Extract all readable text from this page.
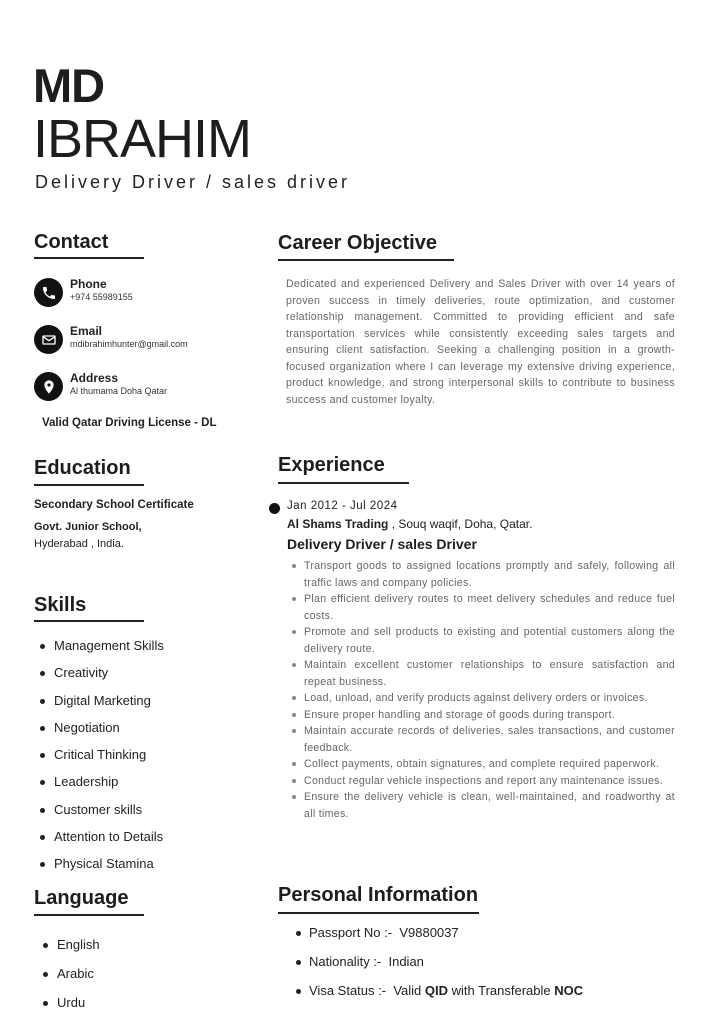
MD
IBRAHIM
Delivery Driver / sales driver
Contact
Phone
+974 55989155
Email
mdibrahimhunter@gmail.com
Address
Al thumama Doha Qatar
Valid Qatar Driving License - DL
Education
Secondary School Certificate
Govt. Junior School,
Hyderabad , India.
Skills
Management Skills
Creativity
Digital Marketing
Negotiation
Critical Thinking
Leadership
Customer skills
Attention to Details
Physical Stamina
Language
English
Arabic
Urdu
Career Objective
Dedicated and experienced Delivery and Sales Driver with over 14 years of proven success in timely deliveries, route optimization, and customer relationship management. Committed to providing efficient and safe transportation services while consistently exceeding sales targets and ensuring client satisfaction. Seeking a challenging position in a growth-focused organization where I can leverage my extensive driving experience, product knowledge, and strong interpersonal skills to contribute to business success and customer loyalty.
Experience
Jan 2012 - Jul 2024
Al Shams Trading , Souq waqif, Doha, Qatar.
Delivery Driver / sales Driver
Transport goods to assigned locations promptly and safely, following all traffic laws and company policies.
Plan efficient delivery routes to meet delivery schedules and reduce fuel costs.
Promote and sell products to existing and potential customers along the delivery route.
Maintain excellent customer relationships to ensure satisfaction and repeat business.
Load, unload, and verify products against delivery orders or invoices.
Ensure proper handling and storage of goods during transport.
Maintain accurate records of deliveries, sales transactions, and customer feedback.
Collect payments, obtain signatures, and complete required paperwork.
Conduct regular vehicle inspections and report any maintenance issues.
Ensure the delivery vehicle is clean, well-maintained, and roadworthy at all times.
Personal Information
Passport No :- V9880037
Nationality :- Indian
Visa Status :- Valid QID with Transferable NOC
